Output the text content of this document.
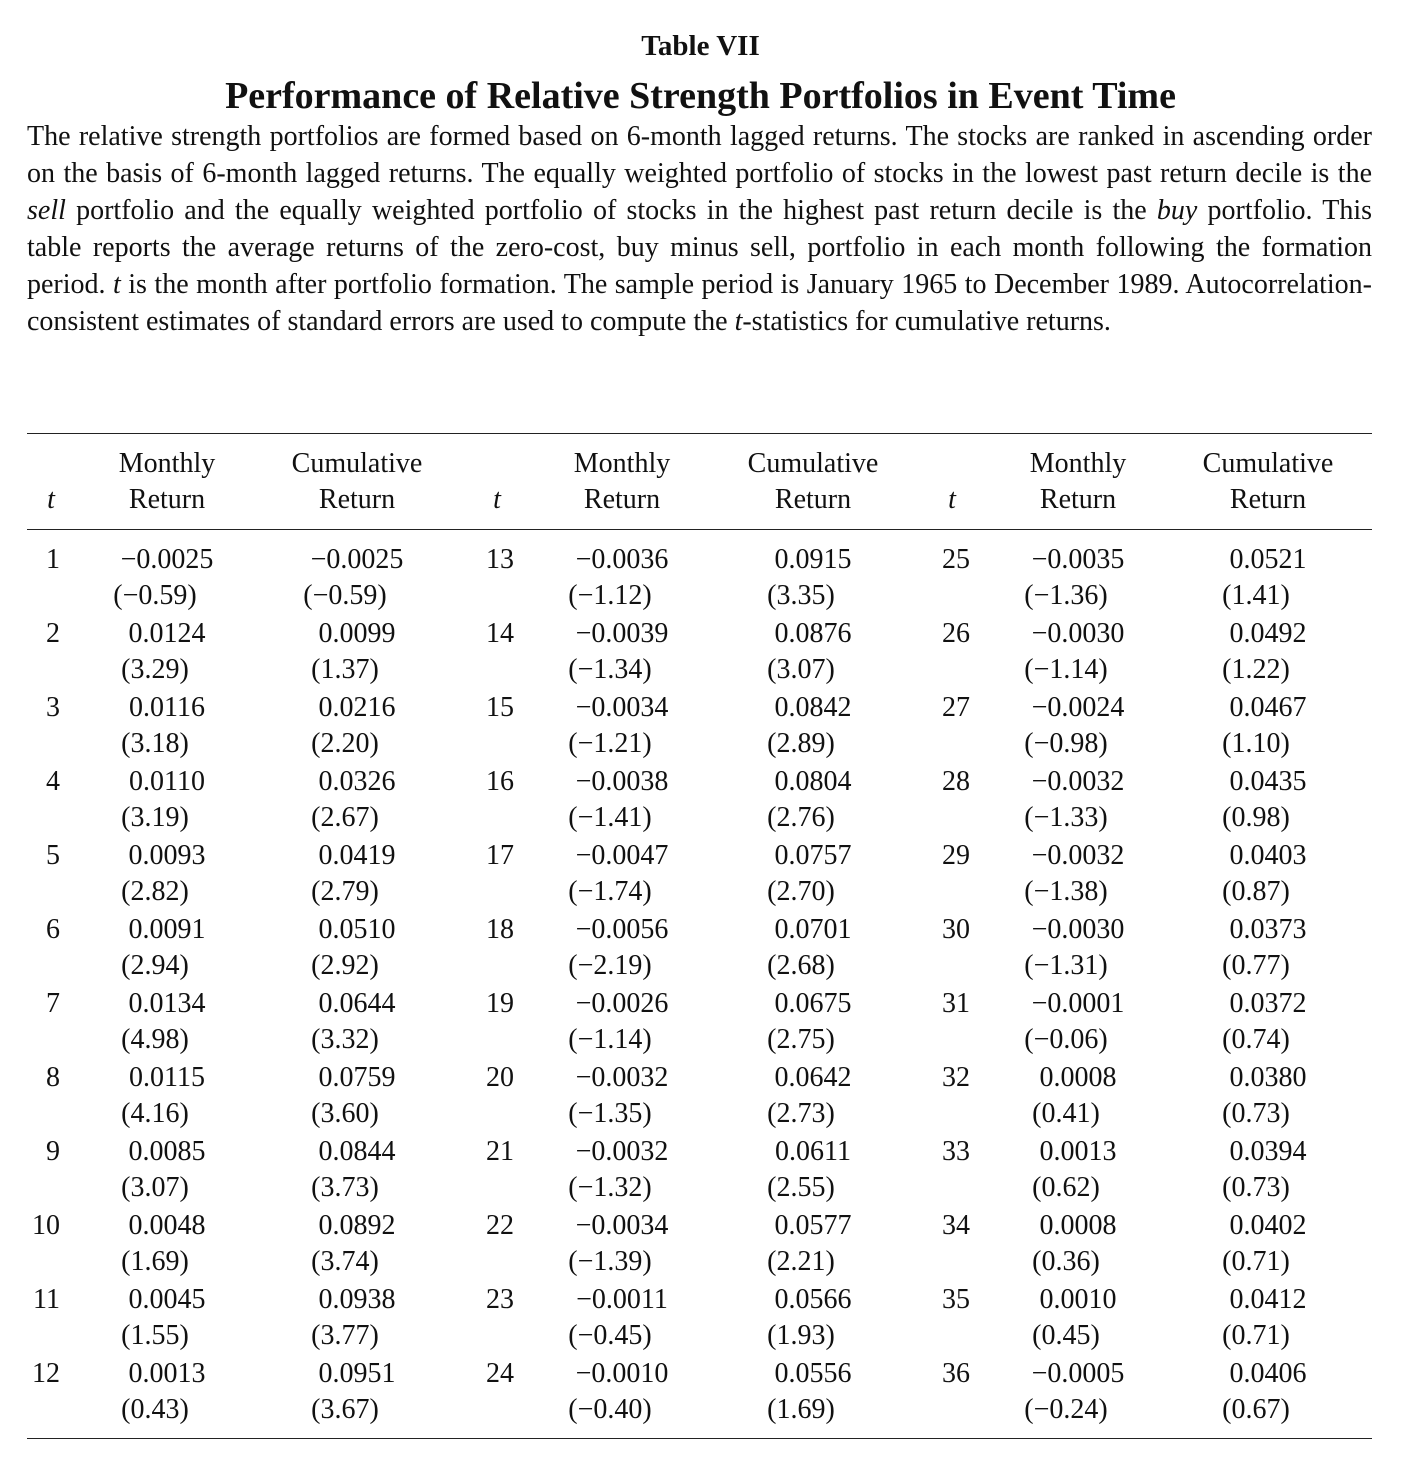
Table VII
Performance of Relative Strength Portfolios in Event Time

The relative strength portfolios are formed based on 6-month lagged returns. The stocks are ranked in ascending order on the basis of 6-month lagged returns. The equally weighted portfolio of stocks in the lowest past return decile is the sell portfolio and the equally weighted portfolio of stocks in the highest past return decile is the buy portfolio. This table reports the average returns of the zero-cost, buy minus sell, portfolio in each month following the formation period. t is the month after portfolio formation. The sample period is January 1965 to December 1989. Autocorrelation-consistent estimates of standard errors are used to compute the t-statistics for cumulative returns.

t
Monthly
Return
Cumulative
Return	t
Monthly
Return
Cumulative
Return	t
Monthly
Return
Cumulative
Return
1 −0.0025
(−0.59)
−0.0025
(−0.59)
2 0.0124
(3.29)
0.0099
(1.37)
3 0.0116
(3.18)
0.0216
(2.20)
4 0.0110
(3.19)
0.0326
(2.67)
5 0.0093
(2.82)
0.0419
(2.79)
6 0.0091
(2.94)
0.0510
(2.92)
7 0.0134
(4.98)
0.0644
(3.32)
8 0.0115
(4.16)
0.0759
(3.60)
9 0.0085
(3.07)
0.0844
(3.73)
10 0.0048
(1.69)
0.0892
(3.74)
11 0.0045
(1.55)
0.0938
(3.77)
12 0.0013
(0.43)
0.0951
(3.67)
13 −0.0036
(−1.12)
0.0915
(3.35)
14 −0.0039
(−1.34)
0.0876
(3.07)
15 −0.0034
(−1.21)
0.0842
(2.89)
16 −0.0038
(−1.41)
0.0804
(2.76)
17 −0.0047
(−1.74)
0.0757
(2.70)
18 −0.0056
(−2.19)
0.0701
(2.68)
19 −0.0026
(−1.14)
0.0675
(2.75)
20 −0.0032
(−1.35)
0.0642
(2.73)
21 −0.0032
(−1.32)
0.0611
(2.55)
22 −0.0034
(−1.39)
0.0577
(2.21)
23 −0.0011
(−0.45)
0.0566
(1.93)
24 −0.0010
(−0.40)
0.0556
(1.69)
25 −0.0035
(−1.36)
0.0521
(1.41)
26 −0.0030
(−1.14)
0.0492
(1.22)
27 −0.0024
(−0.98)
0.0467
(1.10)
28 −0.0032
(−1.33)
0.0435
(0.98)
29 −0.0032
(−1.38)
0.0403
(0.87)
30 −0.0030
(−1.31)
0.0373
(0.77)
31 −0.0001
(−0.06)
0.0372
(0.74)
32 0.0008
(0.41)
0.0380
(0.73)
33 0.0013
(0.62)
0.0394
(0.73)
34 0.0008
(0.36)
0.0402
(0.71)
35 0.0010
(0.45)
0.0412
(0.71)
36 −0.0005
(−0.24)
0.0406
(0.67)
